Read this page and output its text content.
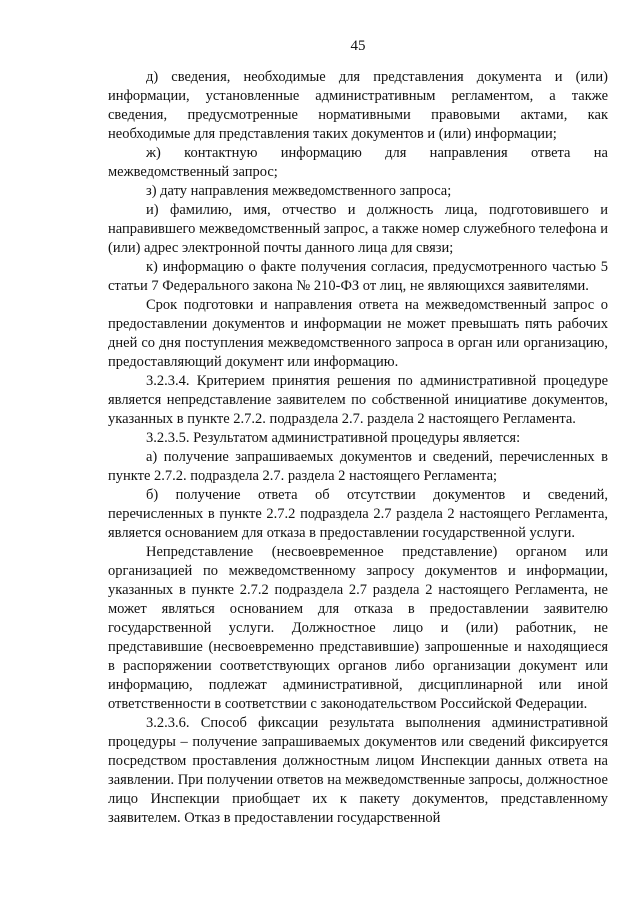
45

д) сведения, необходимые для представления документа и (или) информации, установленные административным регламентом, а также сведения, предусмотренные нормативными правовыми актами, как необходимые для представления таких документов и (или) информации;

ж) контактную информацию для направления ответа на межведомственный запрос;

з) дату направления межведомственного запроса;

и) фамилию, имя, отчество и должность лица, подготовившего и направившего межведомственный запрос, а также номер служебного телефона и (или) адрес электронной почты данного лица для связи;

к) информацию о факте получения согласия, предусмотренного частью 5 статьи 7 Федерального закона № 210-ФЗ от лиц, не являющихся заявителями.

Срок подготовки и направления ответа на межведомственный запрос о предоставлении документов и информации не может превышать пять рабочих дней со дня поступления межведомственного запроса в орган или организацию, предоставляющий документ или информацию.

3.2.3.4. Критерием принятия решения по административной процедуре является непредставление заявителем по собственной инициативе документов, указанных в пункте 2.7.2. подраздела 2.7. раздела 2 настоящего Регламента.

3.2.3.5. Результатом административной процедуры является:

а) получение запрашиваемых документов и сведений, перечисленных в пункте 2.7.2. подраздела 2.7. раздела 2 настоящего Регламента;

б) получение ответа об отсутствии документов и сведений, перечисленных в пункте 2.7.2 подраздела 2.7 раздела 2 настоящего Регламента, является основанием для отказа в предоставлении государственной услуги.

Непредставление (несвоевременное представление) органом или организацией по межведомственному запросу документов и информации, указанных в пункте 2.7.2 подраздела 2.7 раздела 2 настоящего Регламента, не может являться основанием для отказа в предоставлении заявителю государственной услуги. Должностное лицо и (или) работник, не представившие (несвоевременно представившие) запрошенные и находящиеся в распоряжении соответствующих органов либо организации документ или информацию, подлежат административной, дисциплинарной или иной ответственности в соответствии с законодательством Российской Федерации.

3.2.3.6. Способ фиксации результата выполнения административной процедуры – получение запрашиваемых документов или сведений фиксируется посредством проставления должностным лицом Инспекции данных ответа на заявлении. При получении ответов на межведомственные запросы, должностное лицо Инспекции приобщает их к пакету документов, представленному заявителем. Отказ в предоставлении государственной
